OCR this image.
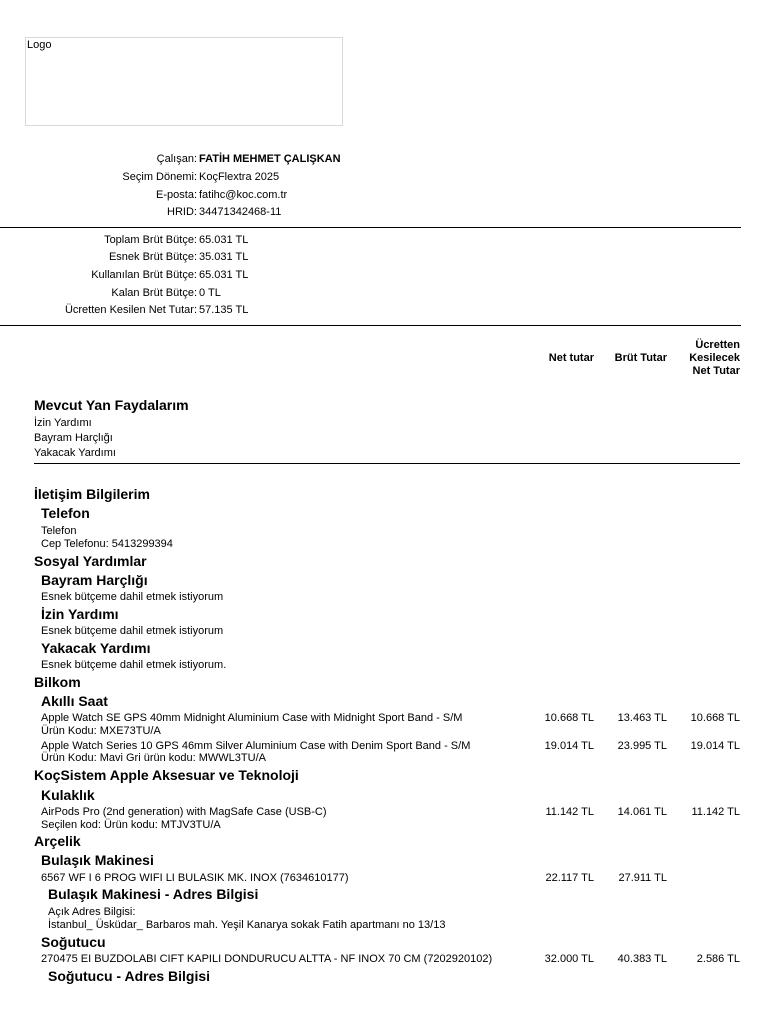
Logo
Çalışan: FATİH MEHMET ÇALIŞKAN
Seçim Dönemi: KoçFlextra 2025
E-posta: fatihc@koc.com.tr
HRID: 34471342468-11
Toplam Brüt Bütçe: 65.031 TL
Esnek Brüt Bütçe: 35.031 TL
Kullanılan Brüt Bütçe: 65.031 TL
Kalan Brüt Bütçe: 0 TL
Ücretten Kesilen Net Tutar: 57.135 TL
Net tutar Brüt Tutar
Ücretten
Kesilecek
Net Tutar
Mevcut Yan Faydalarım
İzin Yardımı
Bayram Harçlığı
Yakacak Yardımı
İletişim Bilgilerim
Telefon
Telefon
Cep Telefonu: 5413299394
Sosyal Yardımlar
Bayram Harçlığı
Esnek bütçeme dahil etmek istiyorum
İzin Yardımı
Esnek bütçeme dahil etmek istiyorum
Yakacak Yardımı
Esnek bütçeme dahil etmek istiyorum.
Bilkom
Akıllı Saat
Apple Watch SE GPS 40mm Midnight Aluminium Case with Midnight Sport Band - S/M
Ürün Kodu: MXE73TU/A
10.668 TL 13.463 TL 10.668 TL
Apple Watch Series 10 GPS 46mm Silver Aluminium Case with Denim Sport Band - S/M
Ürün Kodu: Mavi Gri ürün kodu: MWWL3TU/A
19.014 TL 23.995 TL 19.014 TL
KoçSistem Apple Aksesuar ve Teknoloji
Kulaklık
AirPods Pro (2nd generation) with MagSafe Case (USB-C)
Seçilen kod: Ürün kodu: MTJV3TU/A
11.142 TL 14.061 TL 11.142 TL
Arçelik
Bulaşık Makinesi
6567 WF I 6 PROG WIFI LI BULASIK MK. INOX (7634610177)	22.117 TL 27.911 TL
Bulaşık Makinesi - Adres Bilgisi
Açık Adres Bilgisi:
İstanbul_ Üsküdar_ Barbaros mah. Yeşil Kanarya sokak Fatih apartmanı no 13/13
Soğutucu
270475 EI BUZDOLABI CIFT KAPILI DONDURUCU ALTTA - NF INOX 70 CM (7202920102)	32.000 TL 40.383 TL	2.586 TL
Soğutucu - Adres Bilgisi
